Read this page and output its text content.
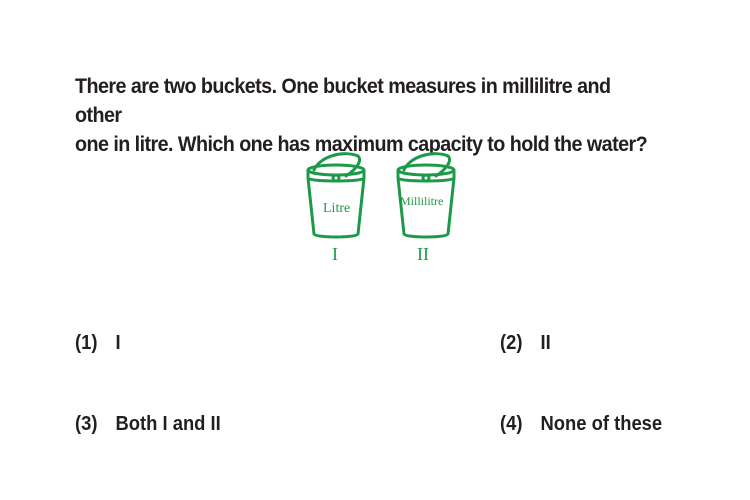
There are two buckets. One bucket measures in millilitre and other
one in litre. Which one has maximum capacity to hold the water?
Litre
I
Millilitre
II
(1) I	(2) II
(3) Both I and II	(4) None of these
